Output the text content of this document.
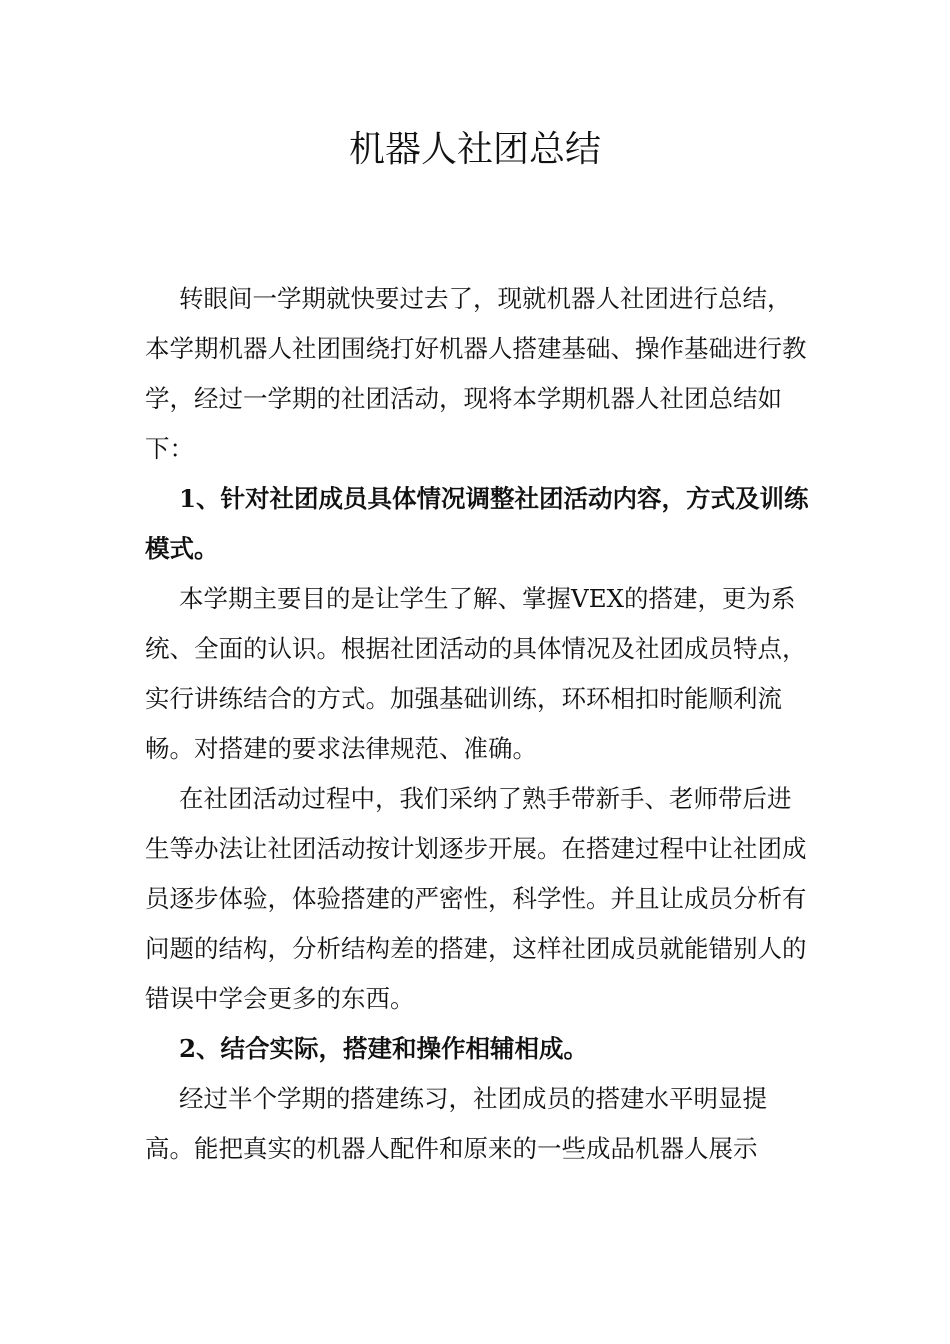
机器人社团总结

转眼间一学期就快要过去了，现就机器人社团进行总结，本学期机器人社团围绕打好机器人搭建基础、操作基础进行教学，经过一学期的社团活动，现将本学期机器人社团总结如下：

1、针对社团成员具体情况调整社团活动内容，方式及训练模式。

本学期主要目的是让学生了解、掌握VEX的搭建，更为系统、全面的认识。根据社团活动的具体情况及社团成员特点，实行讲练结合的方式。加强基础训练，环环相扣时能顺利流畅。对搭建的要求法律规范、准确。

在社团活动过程中，我们采纳了熟手带新手、老师带后进生等办法让社团活动按计划逐步开展。在搭建过程中让社团成员逐步体验，体验搭建的严密性，科学性。并且让成员分析有问题的结构，分析结构差的搭建，这样社团成员就能错别人的错误中学会更多的东西。

2、结合实际，搭建和操作相辅相成。

经过半个学期的搭建练习，社团成员的搭建水平明显提高。能把真实的机器人配件和原来的一些成品机器人展示
